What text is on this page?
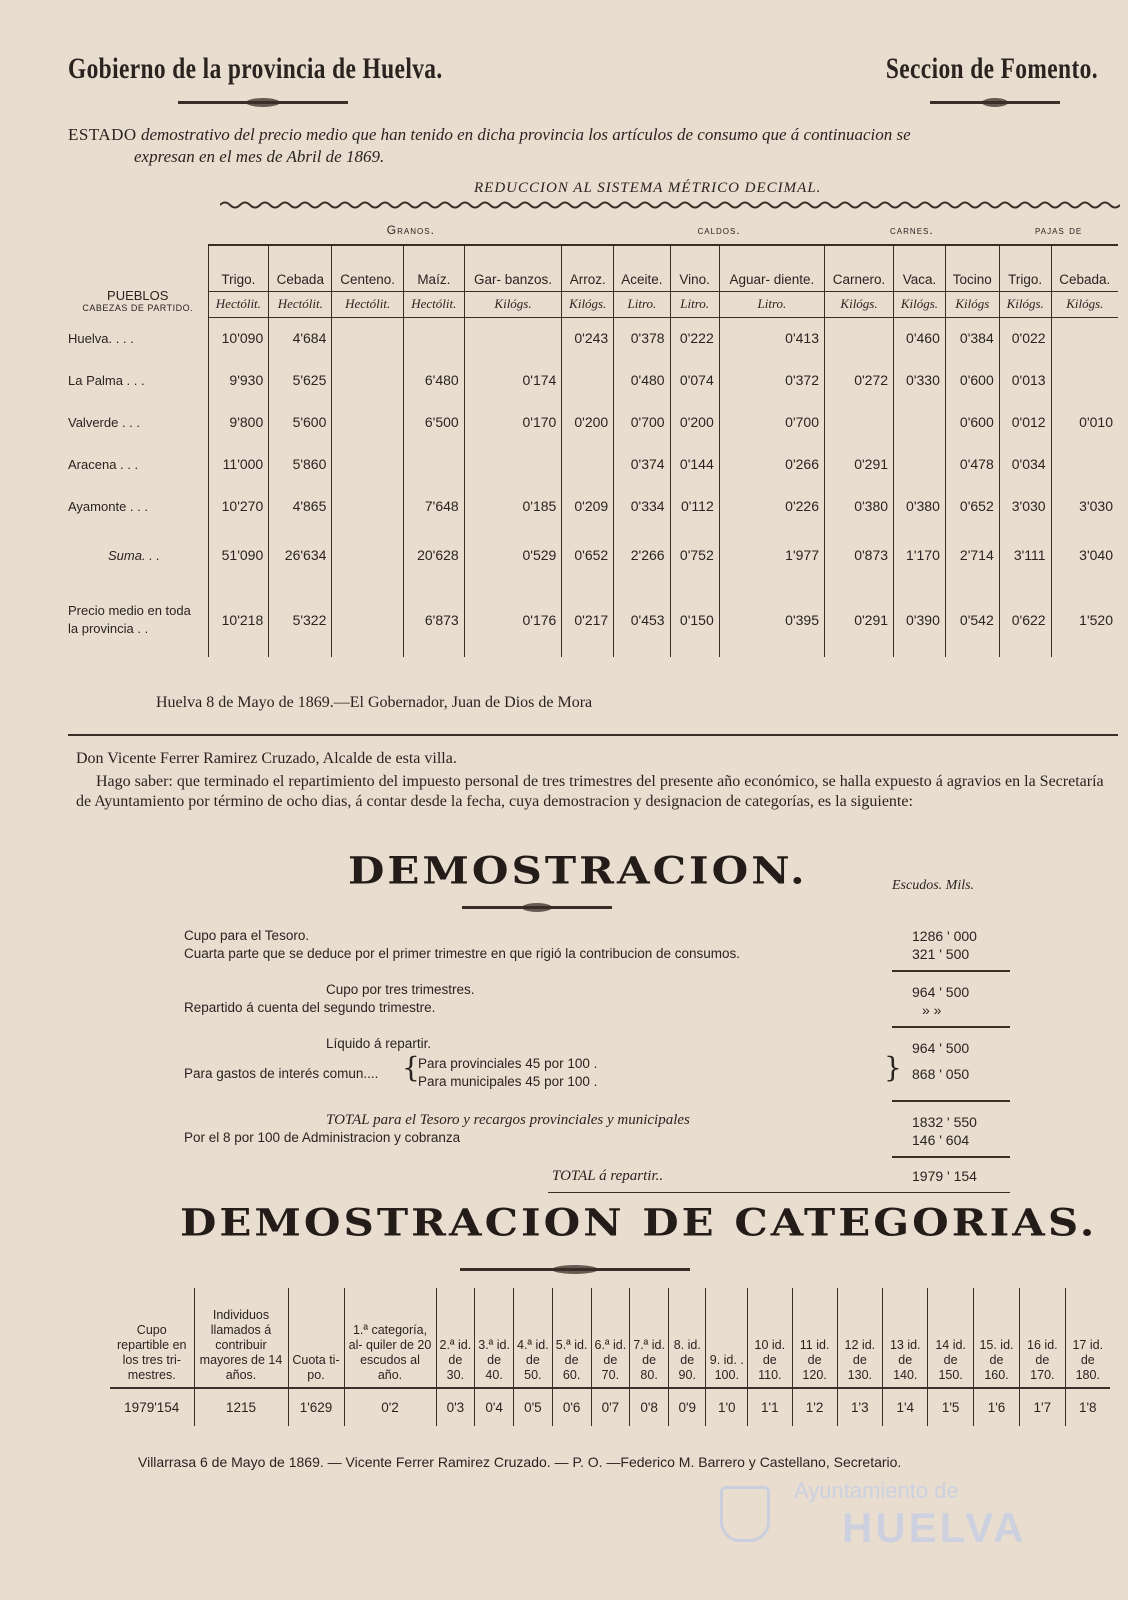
Gobierno de la provincia de Huelva.	Seccion de Fomento.
ESTADO demostrativo del precio medio que han tenido en dicha provincia los artículos de consumo que á continuacion se
expresan en el mes de Abril de 1869.
REDUCCION AL SISTEMA MÉTRICO DECIMAL.
	Granos.						caldos.			carnes.			pajas de	
PUEBLOS
CABEZAS DE PARTIDO.	Trigo.	Cebada	Centeno.	Maíz.	Gar- banzos.	Arroz.	Aceite.	Vino.	Aguar- diente.	Carnero.	Vaca.	Tocino	Trigo.	Cebada.
	Hectólit.	Hectólit.	Hectólit.	Hectólit.	Kilógs.	Kilógs.	Litro.	Litro.	Litro.	Kilógs.	Kilógs.	Kilógs	Kilógs.	Kilógs.
Huelva. . . .	10'090	4'684				0'243	0'378	0'222	0'413		0'460	0'384	0'022	
La Palma . . .	9'930	5'625		6'480	0'174		0'480	0'074	0'372	0'272	0'330	0'600	0'013	
Valverde . . .	9'800	5'600		6'500	0'170	0'200	0'700	0'200	0'700			0'600	0'012	0'010
Aracena . . .	11'000	5'860					0'374	0'144	0'266	0'291		0'478	0'034	
Ayamonte . . .	10'270	4'865		7'648	0'185	0'209	0'334	0'112	0'226	0'380	0'380	0'652	3'030	3'030
Suma. . .	51'090	26'634		20'628	0'529	0'652	2'266	0'752	1'977	0'873	1'170	2'714	3'111	3'040
Precio medio en toda
la provincia . .	10'218	5'322		6'873	0'176	0'217	0'453	0'150	0'395	0'291	0'390	0'542	0'622	1'520
Huelva 8 de Mayo de 1869.—El Gobernador, Juan de Dios de Mora
Don Vicente Ferrer Ramirez Cruzado, Alcalde de esta villa.
Hago saber: que terminado el repartimiento del impuesto personal de tres trimestres del presente año económico, se halla expuesto á agravios en la Secretaría de Ayuntamiento por término de ocho dias, á contar desde la fecha, cuya demostracion y designacion de categorías, es la siguiente:
DEMOSTRACION.	Escudos. Mils.
Cupo para el Tesoro.	1286 ' 000
Cuarta parte que se deduce por el primer trimestre en que rigió la contribucion de consumos.	321 ' 500
Cupo por tres trimestres.	964 ' 500
Repartido á cuenta del segundo trimestre.	» »
Líquido á repartir.	964 ' 500
Para gastos de interés comun.... {
Para provinciales 45 por 100 .
Para municipales 45 por 100 .	} 868 ' 050
TOTAL para el Tesoro y recargos provinciales y municipales	1832 ' 550
Por el 8 por 100 de Administracion y cobranza	146 ' 604
TOTAL á repartir..	1979 ' 154
DEMOSTRACION DE CATEGORIAS.
Cupo repartible en los tres tri- mestres.	Individuos llamados á contribuir mayores de 14 años.	Cuota ti- po.	1.ª categoría, al- quiler de 20 escudos al año.	2.ª id. de 30.	3.ª id. de 40.	4.ª id. de 50.	5.ª id. de 60.	6.ª id. de 70.	7.ª id. de 80.	8. id. de 90.	9. id. . 100.	10 id. de 110.	11 id. de 120.	12 id. de 130.	13 id. de 140.	14 id. de 150.	15. id. de 160.	16 id. de 170.	17 id. de 180.
1979'154	1215	1'629	0'2	0'3	0'4	0'5	0'6	0'7	0'8	0'9	1'0	1'1	1'2	1'3	1'4	1'5	1'6	1'7	1'8
Villarrasa 6 de Mayo de 1869. — Vicente Ferrer Ramirez Cruzado. — P. O. —Federico M. Barrero y Castellano, Secretario.
Ayuntamiento de
HUELVA
